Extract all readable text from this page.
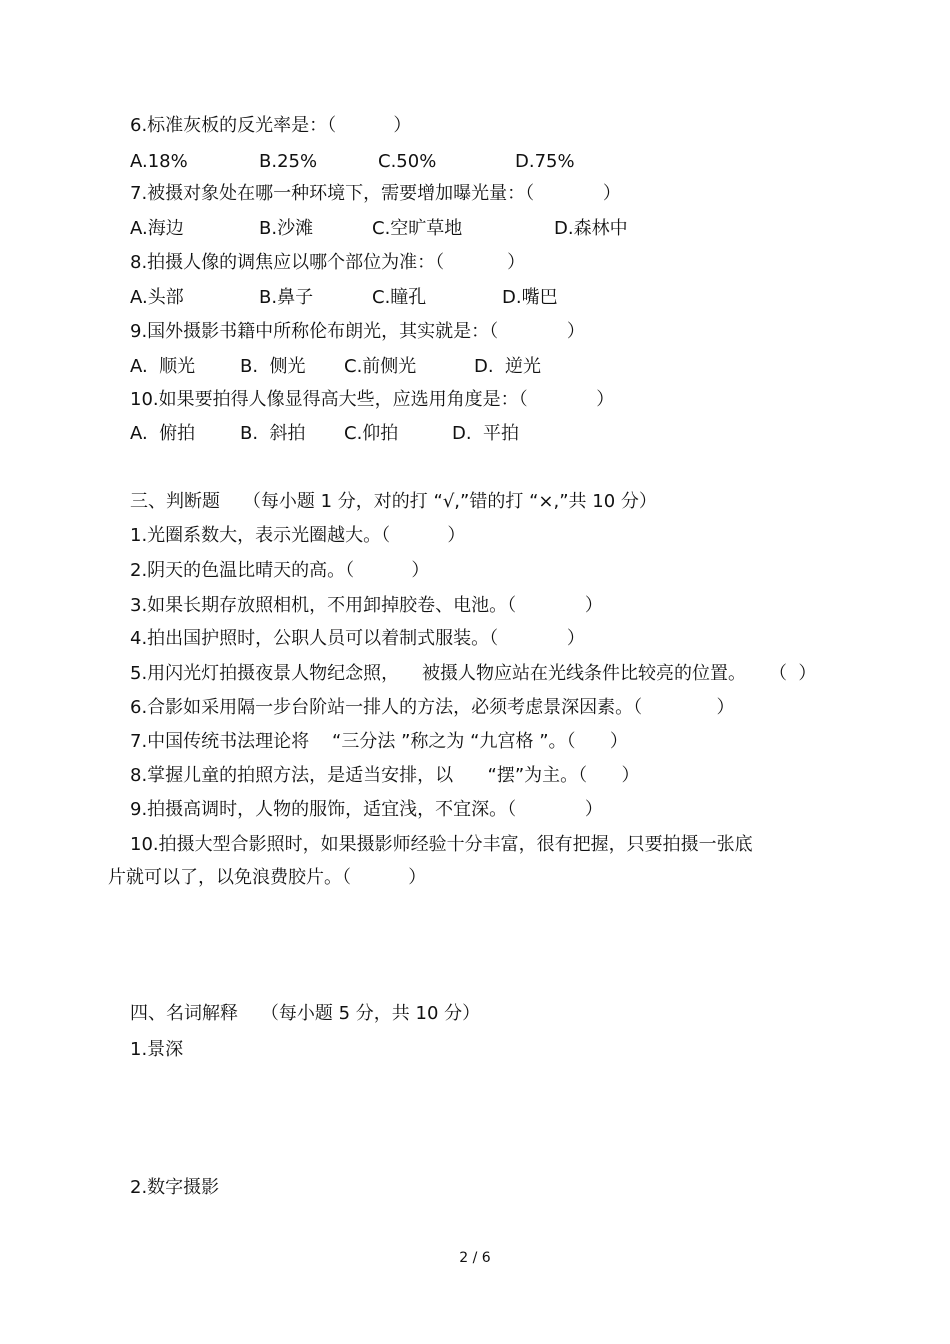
6.标准灰板的反光率是：（          ）

A.18%	B.25%	C.50%	D.75%

7.被摄对象处在哪一种环境下，需要增加曝光量：（            ）

A.海边	B.沙滩	C.空旷草地	D.森林中

8.拍摄人像的调焦应以哪个部位为准：（           ）

A.头部	B.鼻子	C.瞳孔	D.嘴巴

9.国外摄影书籍中所称伦布朗光，其实就是：（            ）

A.  顺光 B.  侧光 C.前侧光	D.  逆光

10.如果要拍得人像显得高大些，应选用角度是：（            ）

A.  俯拍 B.  斜拍 C.仰拍	D.  平拍

三、判断题    （每小题 1 分，对的打 “√,”错的打 “×,”共 10 分）

1.光圈系数大，表示光圈越大。（          ）

2.阴天的色温比晴天的高。（          ）

3.如果长期存放照相机，不用卸掉胶卷、电池。（            ）

4.拍出国护照时，公职人员可以着制式服装。（            ）

5.用闪光灯拍摄夜景人物纪念照，    被摄人物应站在光线条件比较亮的位置。    （  ）

6.合影如采用隔一步台阶站一排人的方法，必须考虑景深因素。（             ）

7.中国传统书法理论将    “三分法 ”称之为 “九宫格 ”。（      ）

8.掌握儿童的拍照方法，是适当安排，以      “摆”为主。（      ）

9.拍摄高调时，人物的服饰，适宜浅，不宜深。（            ）

10.拍摄大型合影照时，如果摄影师经验十分丰富，很有把握，只要拍摄一张底

片就可以了，以免浪费胶片。（          ）

四、名词解释    （每小题 5 分，共 10 分）

1.景深

2.数字摄影

2 / 6
